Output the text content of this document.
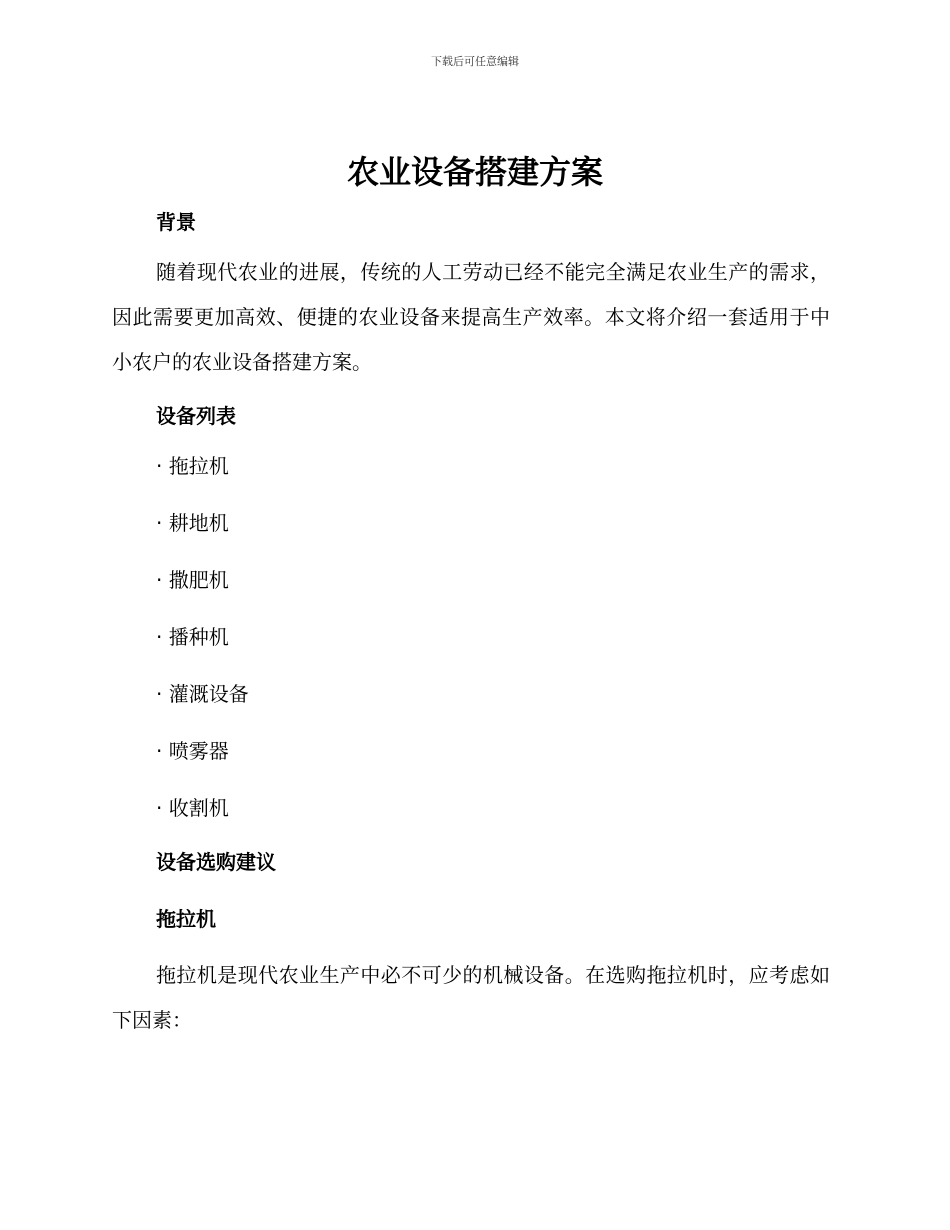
下载后可任意编辑
农业设备搭建方案
背景

随着现代农业的进展，传统的人工劳动已经不能完全满足农业生产的需求，因此需要更加高效、便捷的农业设备来提高生产效率。本文将介绍一套适用于中小农户的农业设备搭建方案。

设备列表
· 拖拉机
· 耕地机
· 撒肥机
· 播种机
· 灌溉设备
· 喷雾器
· 收割机
设备选购建议
拖拉机

拖拉机是现代农业生产中必不可少的机械设备。在选购拖拉机时，应考虑如下因素：
